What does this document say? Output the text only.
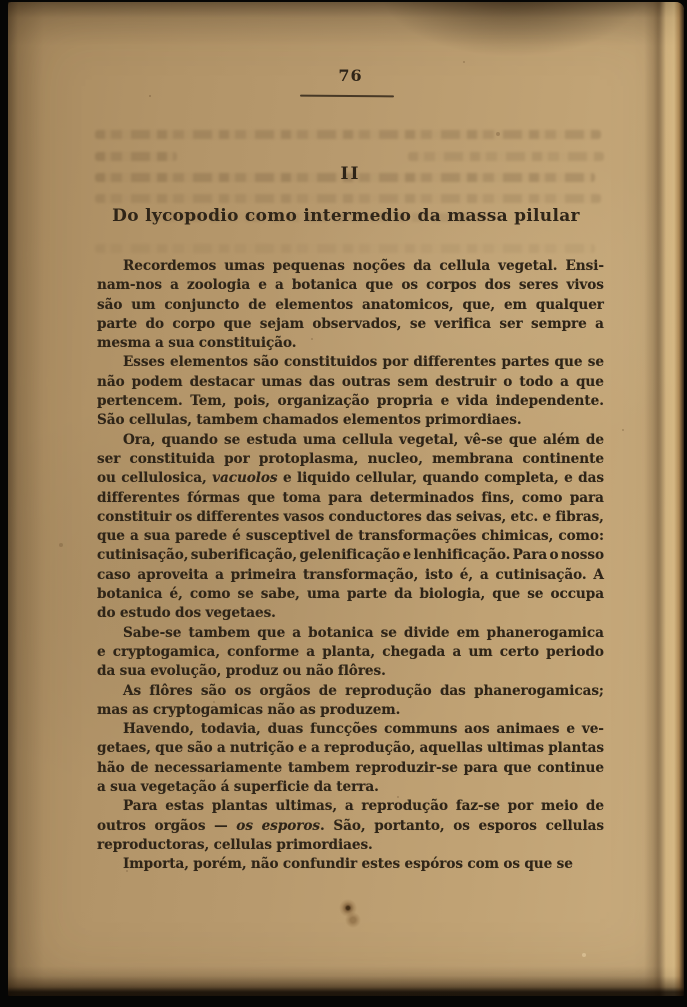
76
II
Do lycopodio como intermedio da massa pilular
Recordemos umas pequenas noções da cellula vegetal. Ensi-
nam-nos a zoologia e a botanica que os corpos dos seres vivos
são um conjuncto de elementos anatomicos, que, em qualquer
parte do corpo que sejam observados, se verifica ser sempre a
mesma a sua constituição.
Esses elementos são constituidos por differentes partes que se
não podem destacar umas das outras sem destruir o todo a que
pertencem. Tem, pois, organização propria e vida independente.
São cellulas, tambem chamados elementos primordiaes.
Ora, quando se estuda uma cellula vegetal, vê-se que além de
ser constituida por protoplasma, nucleo, membrana continente
ou cellulosica, vacuolos e liquido cellular, quando completa, e das
differentes fórmas que toma para determinados fins, como para
constituir os differentes vasos conductores das seivas, etc. e fibras,
que a sua parede é susceptivel de transformações chimicas, como:
cutinisação, suberificação, gelenificação e lenhificação. Para o nosso
caso aproveita a primeira transformação, isto é, a cutinisação. A
botanica é, como se sabe, uma parte da biologia, que se occupa
do estudo dos vegetaes.
Sabe-se tambem que a botanica se divide em phanerogamica
e cryptogamica, conforme a planta, chegada a um certo periodo
da sua evolução, produz ou não flôres.
As flôres são os orgãos de reprodução das phanerogamicas;
mas as cryptogamicas não as produzem.
Havendo, todavia, duas funcções communs aos animaes e ve-
getaes, que são a nutrição e a reprodução, aquellas ultimas plantas
hão de necessariamente tambem reproduzir-se para que continue
a sua vegetação á superficie da terra.
Para estas plantas ultimas, a reprodução faz-se por meio de
outros orgãos — os esporos. São, portanto, os esporos cellulas
reproductoras, cellulas primordiaes.
Importa, porém, não confundir estes espóros com os que se
